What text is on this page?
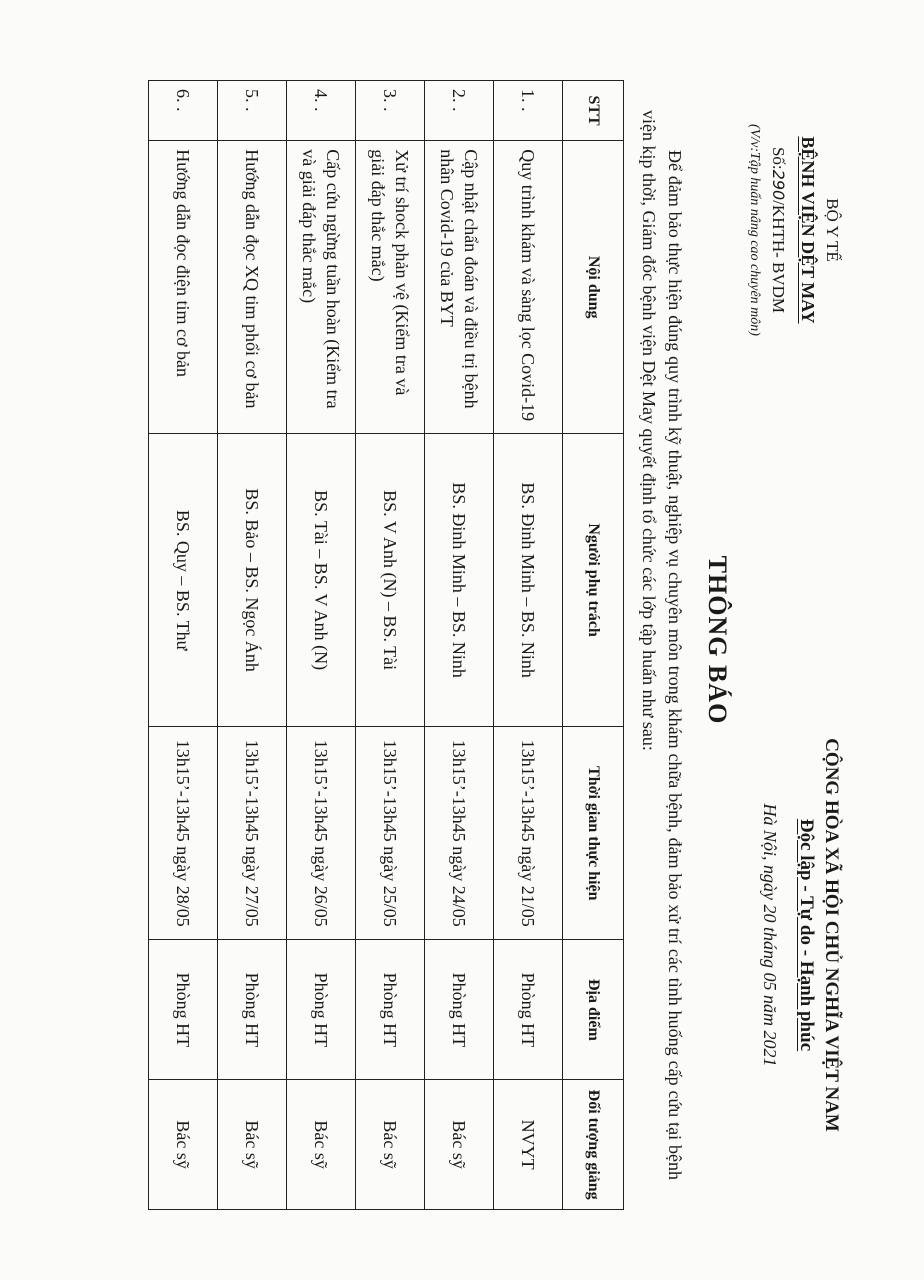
BỘ Y TẾ
BỆNH VIỆN DỆT MAY
Số:290/KHTH- BVDM
(V/v:Tập huấn nâng cao chuyên môn)
CỘNG HÒA XÃ HỘI CHỦ NGHĨA VIỆT NAM
Độc lập - Tự do - Hạnh phúc
Hà Nội, ngày 20 tháng 05 năm 2021
THÔNG BÁO
Để đảm bảo thực hiện đúng quy trình kỹ thuật, nghiệp vụ chuyên môn trong khám chữa bệnh, đảm bảo xử trí các tình huống cấp cứu tại bệnh viện kịp thời, Giám đốc bệnh viện Dệt May quyết định tổ chức các lớp tập huấn như sau:
STT	Nội dung	Người phụ trách	Thời gian thực hiện	Địa điểm	Đối tượng giảng
1. .	Quy trình khám và sàng lọc Covid-19	BS. Đinh Minh – BS. Ninh	13h15’-13h45 ngày 21/05	Phòng HT	NVYT
2. .	Cập nhật chẩn đoán và điều trị bệnh nhân Covid-19 của BYT	BS. Đinh Minh – BS. Ninh	13h15’-13h45 ngày 24/05	Phòng HT	Bác sỹ
3. .	Xử trí shock phản vệ (Kiểm tra và giải đáp thắc mắc)	BS. V Anh (N) – BS. Tài	13h15’-13h45 ngày 25/05	Phòng HT	Bác sỹ
4. .	Cấp cứu ngừng tuần hoàn (Kiểm tra và giải đáp thắc mắc)	BS. Tài – BS. V Anh (N)	13h15’-13h45 ngày 26/05	Phòng HT	Bác sỹ
5. .	Hướng dẫn đọc XQ tim phổi cơ bản	BS. Bảo – BS. Ngọc Ánh	13h15’-13h45 ngày 27/05	Phòng HT	Bác sỹ
6. .	Hướng dẫn đọc điện tim cơ bản	BS. Quy – BS. Thư	13h15’-13h45 ngày 28/05	Phòng HT	Bác sỹ
